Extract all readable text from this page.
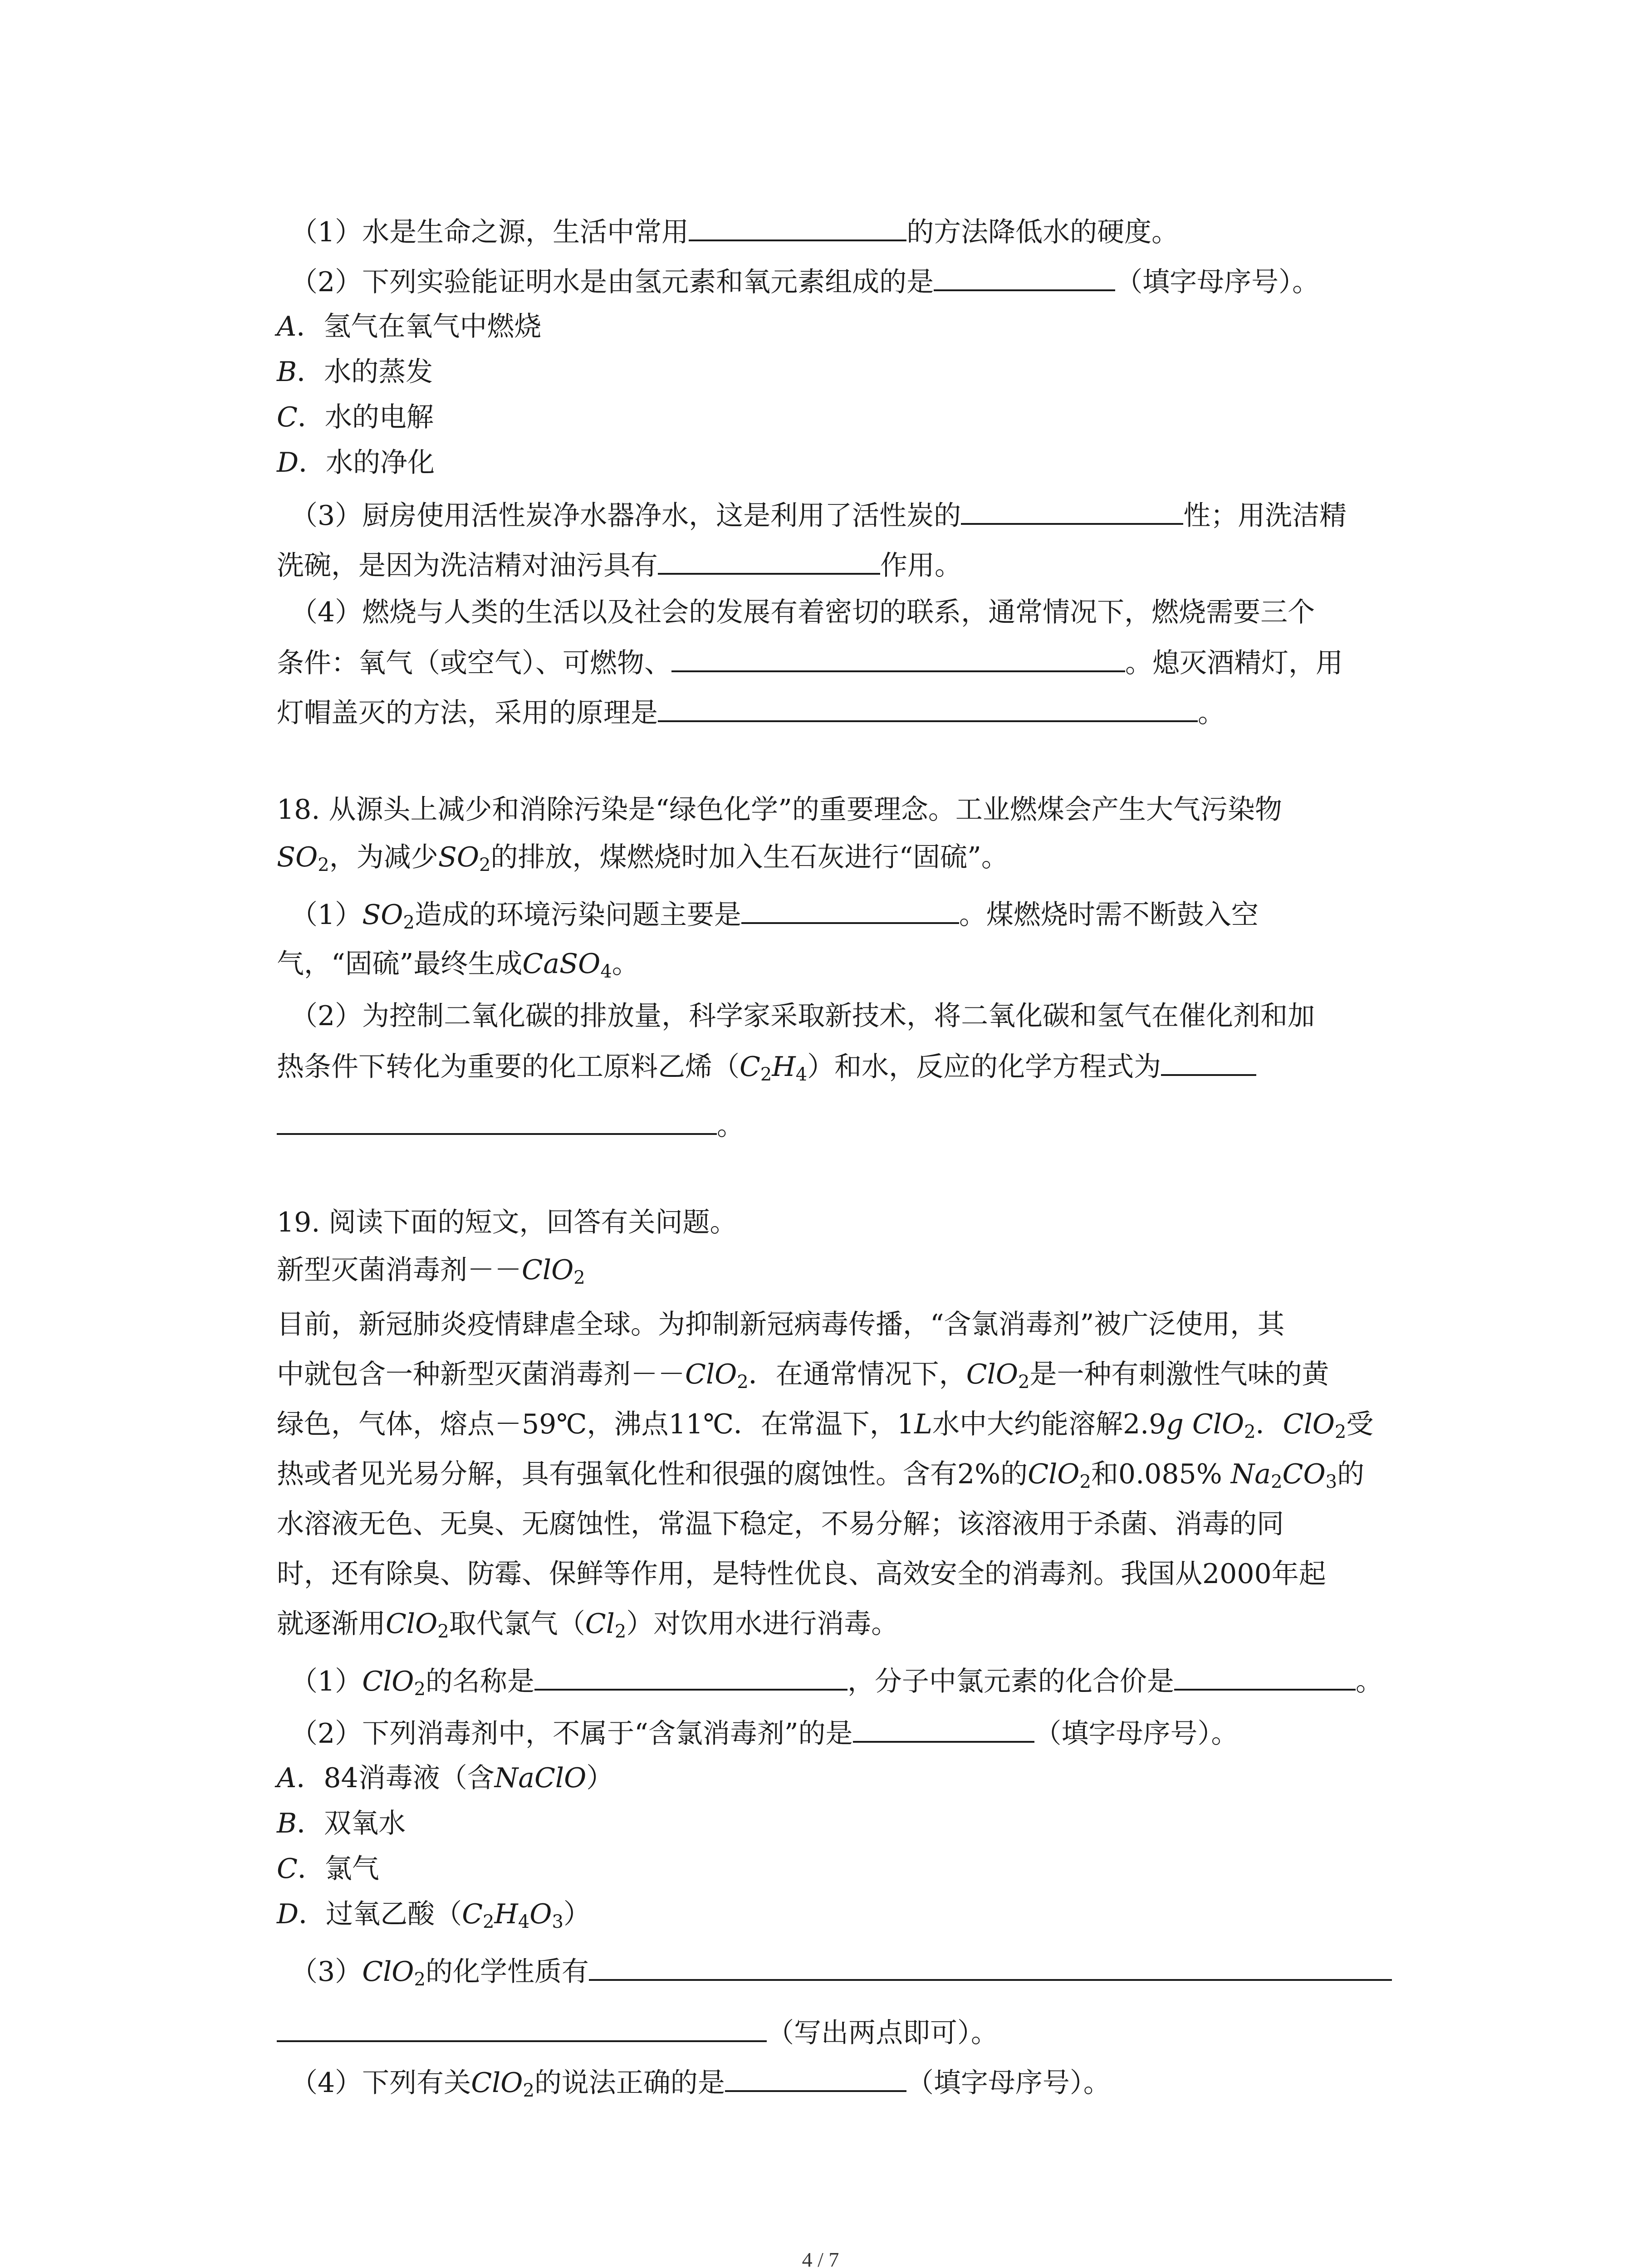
（1）水是生命之源，生活中常用	的方法降低水的硬度。
（2）下列实验能证明水是由氢元素和氧元素组成的是	（填字母序号）。
A．氢气在氧气中燃烧
B．水的蒸发
C．水的电解
D．水的净化
（3）厨房使用活性炭净水器净水，这是利用了活性炭的	性；用洗洁精
洗碗，是因为洗洁精对油污具有	作用。
（4）燃烧与人类的生活以及社会的发展有着密切的联系，通常情况下，燃烧需要三个
条件：氧气（或空气）、可燃物、	。熄灭酒精灯，用
灯帽盖灭的方法，采用的原理是	。
18. 从源头上减少和消除污染是“绿色化学”的重要理念。工业燃煤会产生大气污染物
$SO_2$，为减少$SO_2$的排放，煤燃烧时加入生石灰进行“固硫”。
$(1)SO_2$造成的环境污染问题主要是	。煤燃烧时需不断鼓入空
气，“固硫”最终生成CaSO$_4$。
（2）为控制二氧化碳的排放量，科学家采取新技术，将二氧化碳和氢气在催化剂和加
热条件下转化为重要的化工原料乙烯$(C_2H_4)$和水，反应的化学方程式为
。
19. 阅读下面的短文，回答有关问题。
新型灭菌消毒剂－－ClO$_2$
目前，新冠肺炎疫情肆虐全球。为抑制新冠病毒传播，“含氯消毒剂”被广泛使用，其
中就包含一种新型灭菌消毒剂－－ClO$_2$．在通常情况下，ClO$_2$是一种有刺激性气味的黄
绿色，气体，熔点－59℃，沸点11℃．在常温下，1L水中大约能溶解2.9g ClO$_2$．ClO$_2$受
热或者见光易分解，具有强氧化性和很强的腐蚀性。含有2%的ClO$_2$和0.085% $Na_2CO_3$的
水溶液无色、无臭、无腐蚀性，常温下稳定，不易分解；该溶液用于杀菌、消毒的同
时，还有除臭、防霉、保鲜等作用，是特性优良、高效安全的消毒剂。我国从2000年起
就逐渐用ClO$_2$取代氯气$(Cl_2)$对饮用水进行消毒。
（1）ClO$_2$的名称是	，分子中氯元素的化合价是	。
（2）下列消毒剂中，不属于“含氯消毒剂”的是	（填字母序号）。
A．84消毒液（含NaClO）
B．双氧水
C．氯气
D．过氧乙酸$(C_2H_4O_3)$
（3）ClO$_2$的化学性质有
（写出两点即可）。
（4）下列有关ClO$_2$的说法正确的是	（填字母序号）。
4 / 7
